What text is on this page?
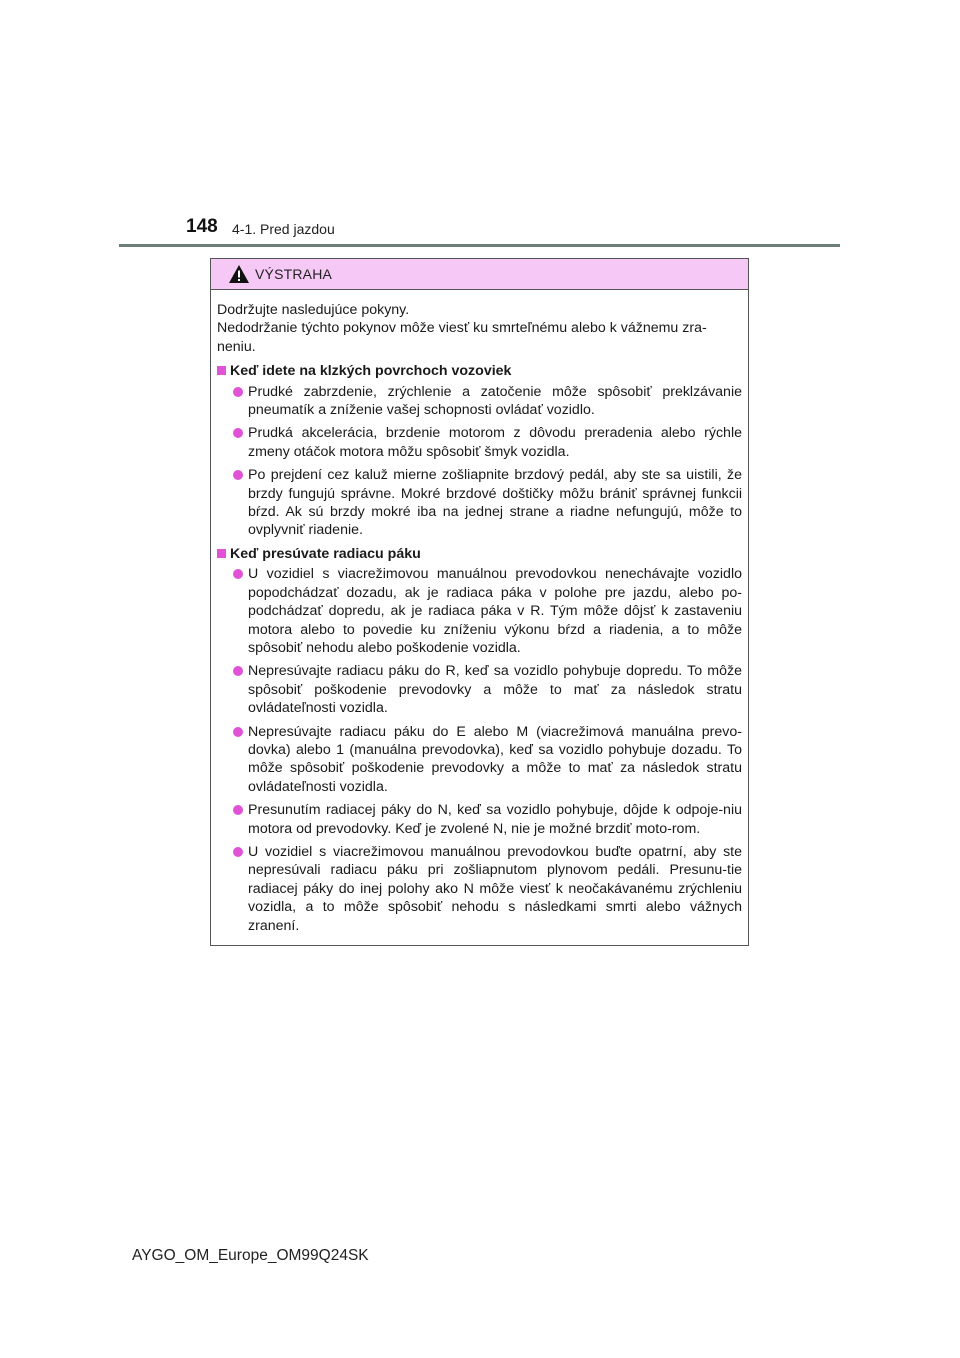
148 4-1. Pred jazdou
VÝSTRAHA
Dodržujte nasledujúce pokyny.
Nedodržanie týchto pokynov môže viesť ku smrteľnému alebo k vážnemu zra-neniu.
Keď idete na klzkých povrchoch vozoviek
Prudké zabrzdenie, zrýchlenie a zatočenie môže spôsobiť preklzávanie pneumatík a zníženie vašej schopnosti ovládať vozidlo.
Prudká akcelerácia, brzdenie motorom z dôvodu preradenia alebo rýchle zmeny otáčok motora môžu spôsobiť šmyk vozidla.
Po prejdení cez kaluž mierne zošliapnite brzdový pedál, aby ste sa uistili, že brzdy fungujú správne. Mokré brzdové doštičky môžu brániť správnej funkcii bŕzd. Ak sú brzdy mokré iba na jednej strane a riadne nefungujú, môže to ovplyvniť riadenie.
Keď presúvate radiacu páku
U vozidiel s viacrežimovou manuálnou prevodovkou nenechávajte vozidlo popodchádzať dozadu, ak je radiaca páka v polohe pre jazdu, alebo po-podchádzať dopredu, ak je radiaca páka v R. Tým môže dôjsť k zastaveniu motora alebo to povedie ku zníženiu výkonu bŕzd a riadenia, a to môže spôsobiť nehodu alebo poškodenie vozidla.
Nepresúvajte radiacu páku do R, keď sa vozidlo pohybuje dopredu. To môže spôsobiť poškodenie prevodovky a môže to mať za následok stratu ovládateľnosti vozidla.
Nepresúvajte radiacu páku do E alebo M (viacrežimová manuálna prevo-dovka) alebo 1 (manuálna prevodovka), keď sa vozidlo pohybuje dozadu. To môže spôsobiť poškodenie prevodovky a môže to mať za následok stratu ovládateľnosti vozidla.
Presunutím radiacej páky do N, keď sa vozidlo pohybuje, dôjde k odpoje-niu motora od prevodovky. Keď je zvolené N, nie je možné brzdiť moto-rom.
U vozidiel s viacrežimovou manuálnou prevodovkou buďte opatrní, aby ste nepresúvali radiacu páku pri zošliapnutom plynovom pedáli. Presunu-tie radiacej páky do inej polohy ako N môže viesť k neočakávanému zrýchleniu vozidla, a to môže spôsobiť nehodu s následkami smrti alebo vážnych zranení.
AYGO_OM_Europe_OM99Q24SK
